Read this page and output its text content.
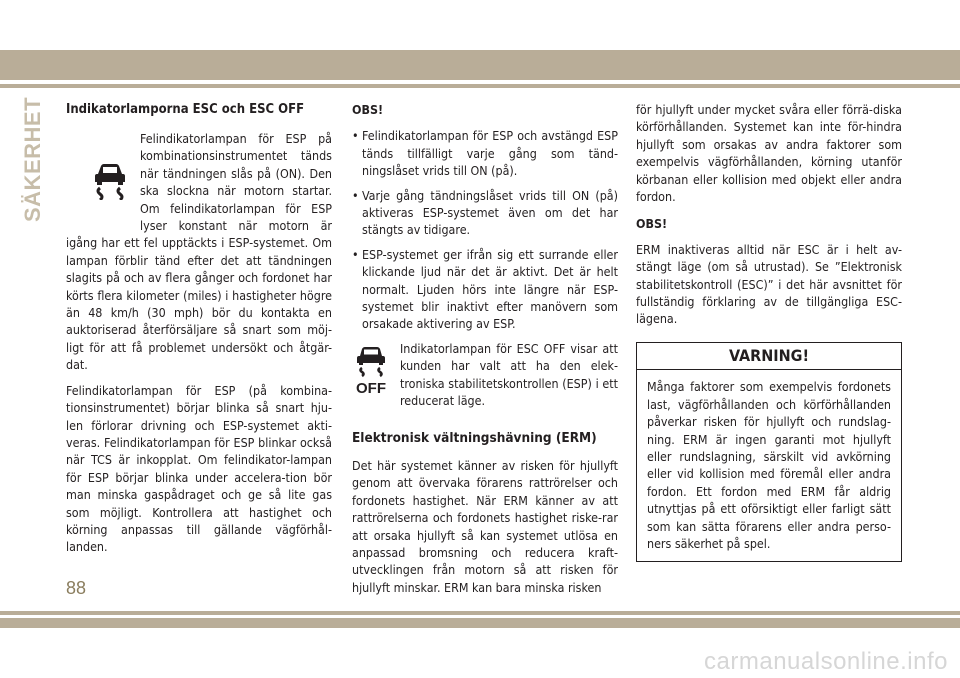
SÄKERHET	Indikatorlamporna ESC och ESC OFF

Felindikatorlampan för ESP på kombinationsinstrumentet tänds när tändningen slås på (ON). Den ska slockna när motorn startar. Om felindikatorlampan för ESP lyser konstant när motorn är igång har ett fel upptäckts i ESP-systemet. Om lampan förblir tänd efter det att tändningen slagits på och av flera gånger och fordonet har körts flera kilometer (miles) i hastigheter högre än 48 km/h (30 mph) bör du kontakta en auktoriserad återförsäljare så snart som möj-ligt för att få problemet undersökt och åtgär-dat.

Felindikatorlampan för ESP (på kombina-tionsinstrumentet) börjar blinka så snart hju-len förlorar drivning och ESP-systemet akti-veras. Felindikatorlampan för ESP blinkar också när TCS är inkopplat. Om felindikator-lampan för ESP börjar blinka under accelera-tion bör man minska gaspådraget och ge så lite gas som möjligt. Kontrollera att hastighet och körning anpassas till gällande vägförhål-landen.

OBS!

• Felindikatorlampan för ESP och avstängd ESP tänds tillfälligt varje gång som tänd-ningslåset vrids till ON (på).
• Varje gång tändningslåset vrids till ON (på) aktiveras ESP-systemet även om det har stängts av tidigare.
• ESP-systemet ger ifrån sig ett surrande eller klickande ljud när det är aktivt. Det är helt normalt. Ljuden hörs inte längre när ESP-systemet blir inaktivt efter manövern som orsakade aktivering av ESP.
OFF

Indikatorlampan för ESC OFF visar att kunden har valt att ha den elek-troniska stabilitetskontrollen (ESP) i ett reducerat läge.

Elektronisk vältningshävning (ERM)

Det här systemet känner av risken för hjullyft genom att övervaka förarens rattrörelser och fordonets hastighet. När ERM känner av att rattrörelserna och fordonets hastighet riske-rar att orsaka hjullyft så kan systemet utlösa en anpassad bromsning och reducera kraft-utvecklingen från motorn så att risken för hjullyft minskar. ERM kan bara minska risken

för hjullyft under mycket svåra eller förrä-diska körförhållanden. Systemet kan inte för-hindra hjullyft som orsakas av andra faktorer som exempelvis vägförhållanden, körning utanför körbanan eller kollision med objekt eller andra fordon.

OBS!

ERM inaktiveras alltid när ESC är i helt av-stängt läge (om så utrustad). Se ”Elektronisk stabilitetskontroll (ESC)” i det här avsnittet för fullständig förklaring av de tillgängliga ESC-lägena.

VARNING!
Många faktorer som exempelvis fordonets last, vägförhållanden och körförhållanden påverkar risken för hjullyft och rundslag-ning. ERM är ingen garanti mot hjullyft eller rundslagning, särskilt vid avkörning eller vid kollision med föremål eller andra fordon. Ett fordon med ERM får aldrig utnyttjas på ett oförsiktigt eller farligt sätt som kan sätta förarens eller andra perso-ners säkerhet på spel.
88
carmanualsonline.info
